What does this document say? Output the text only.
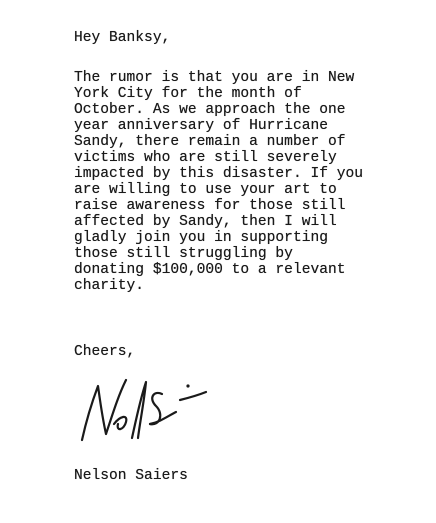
Hey Banksy,
The rumor is that you are in New
York City for the month of
October. As we approach the one
year anniversary of Hurricane
Sandy, there remain a number of
victims who are still severely
impacted by this disaster. If you
are willing to use your art to
raise awareness for those still
affected by Sandy, then I will
gladly join you in supporting
those still struggling by
donating $100,000 to a relevant
charity.
Cheers,
Nelson Saiers
